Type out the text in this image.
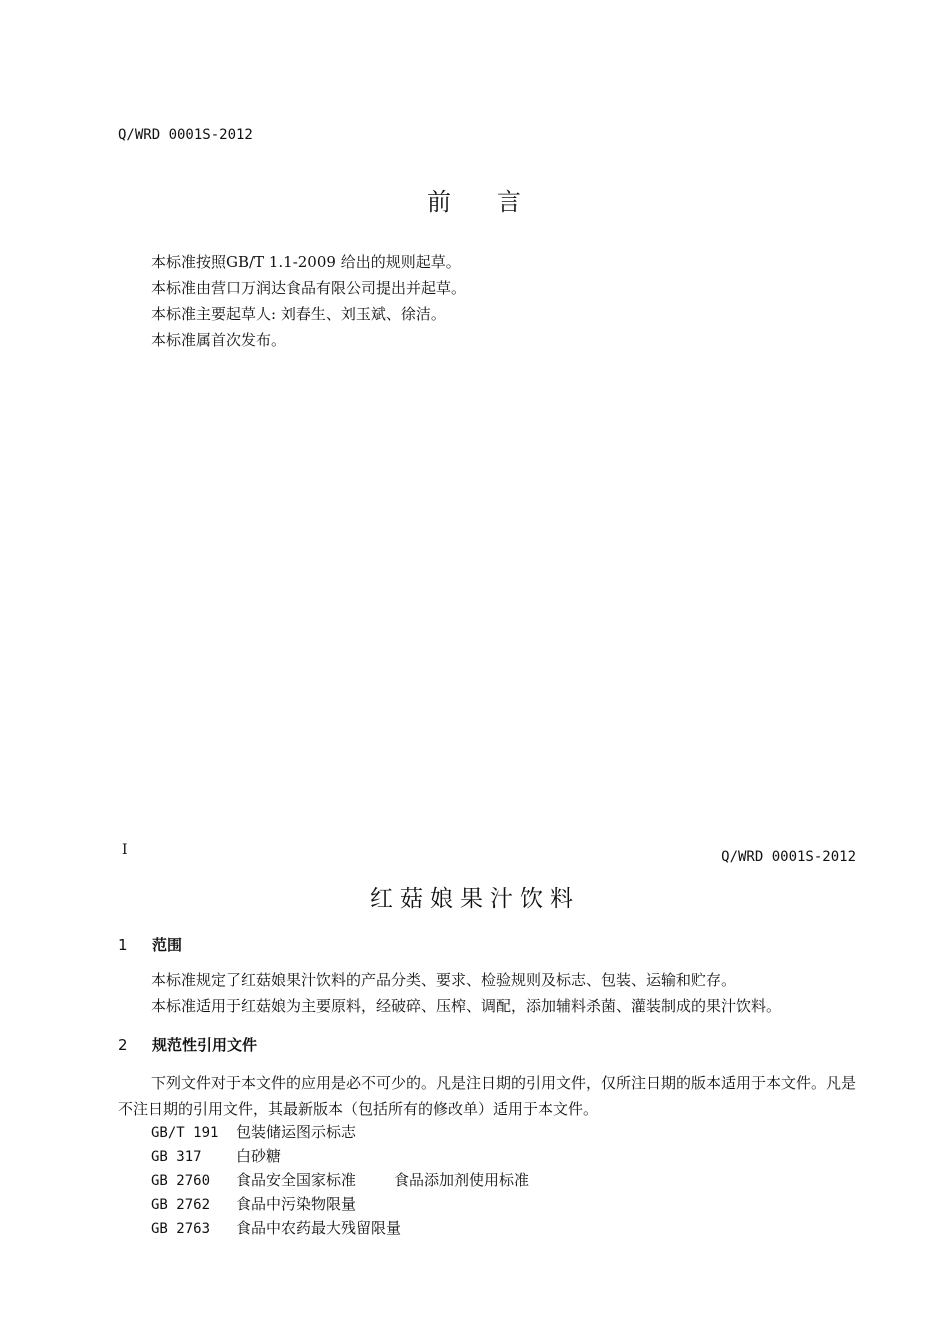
Q/WRD 0001S-2012
前 言
本标准按照GB/T 1.1-2009 给出的规则起草。
本标准由营口万润达食品有限公司提出并起草。
本标准主要起草人: 刘春生、刘玉斌、徐洁。
本标准属首次发布。
I	Q/WRD 0001S-2012
红菇娘果汁饮料
1 范围
本标准规定了红菇娘果汁饮料的产品分类、要求、检验规则及标志、包装、运输和贮存。
本标准适用于红菇娘为主要原料，经破碎、压榨、调配，添加辅料杀菌、灌装制成的果汁饮料。
2 规范性引用文件
下列文件对于本文件的应用是必不可少的。凡是注日期的引用文件，仅所注日期的版本适用于本文件。凡是不注日期的引用文件，其最新版本（包括所有的修改单）适用于本文件。
GB/T 191 包装储运图示标志
GB 317 白砂糖
GB 2760 食品安全国家标准	食品添加剂使用标准
GB 2762 食品中污染物限量
GB 2763 食品中农药最大残留限量
